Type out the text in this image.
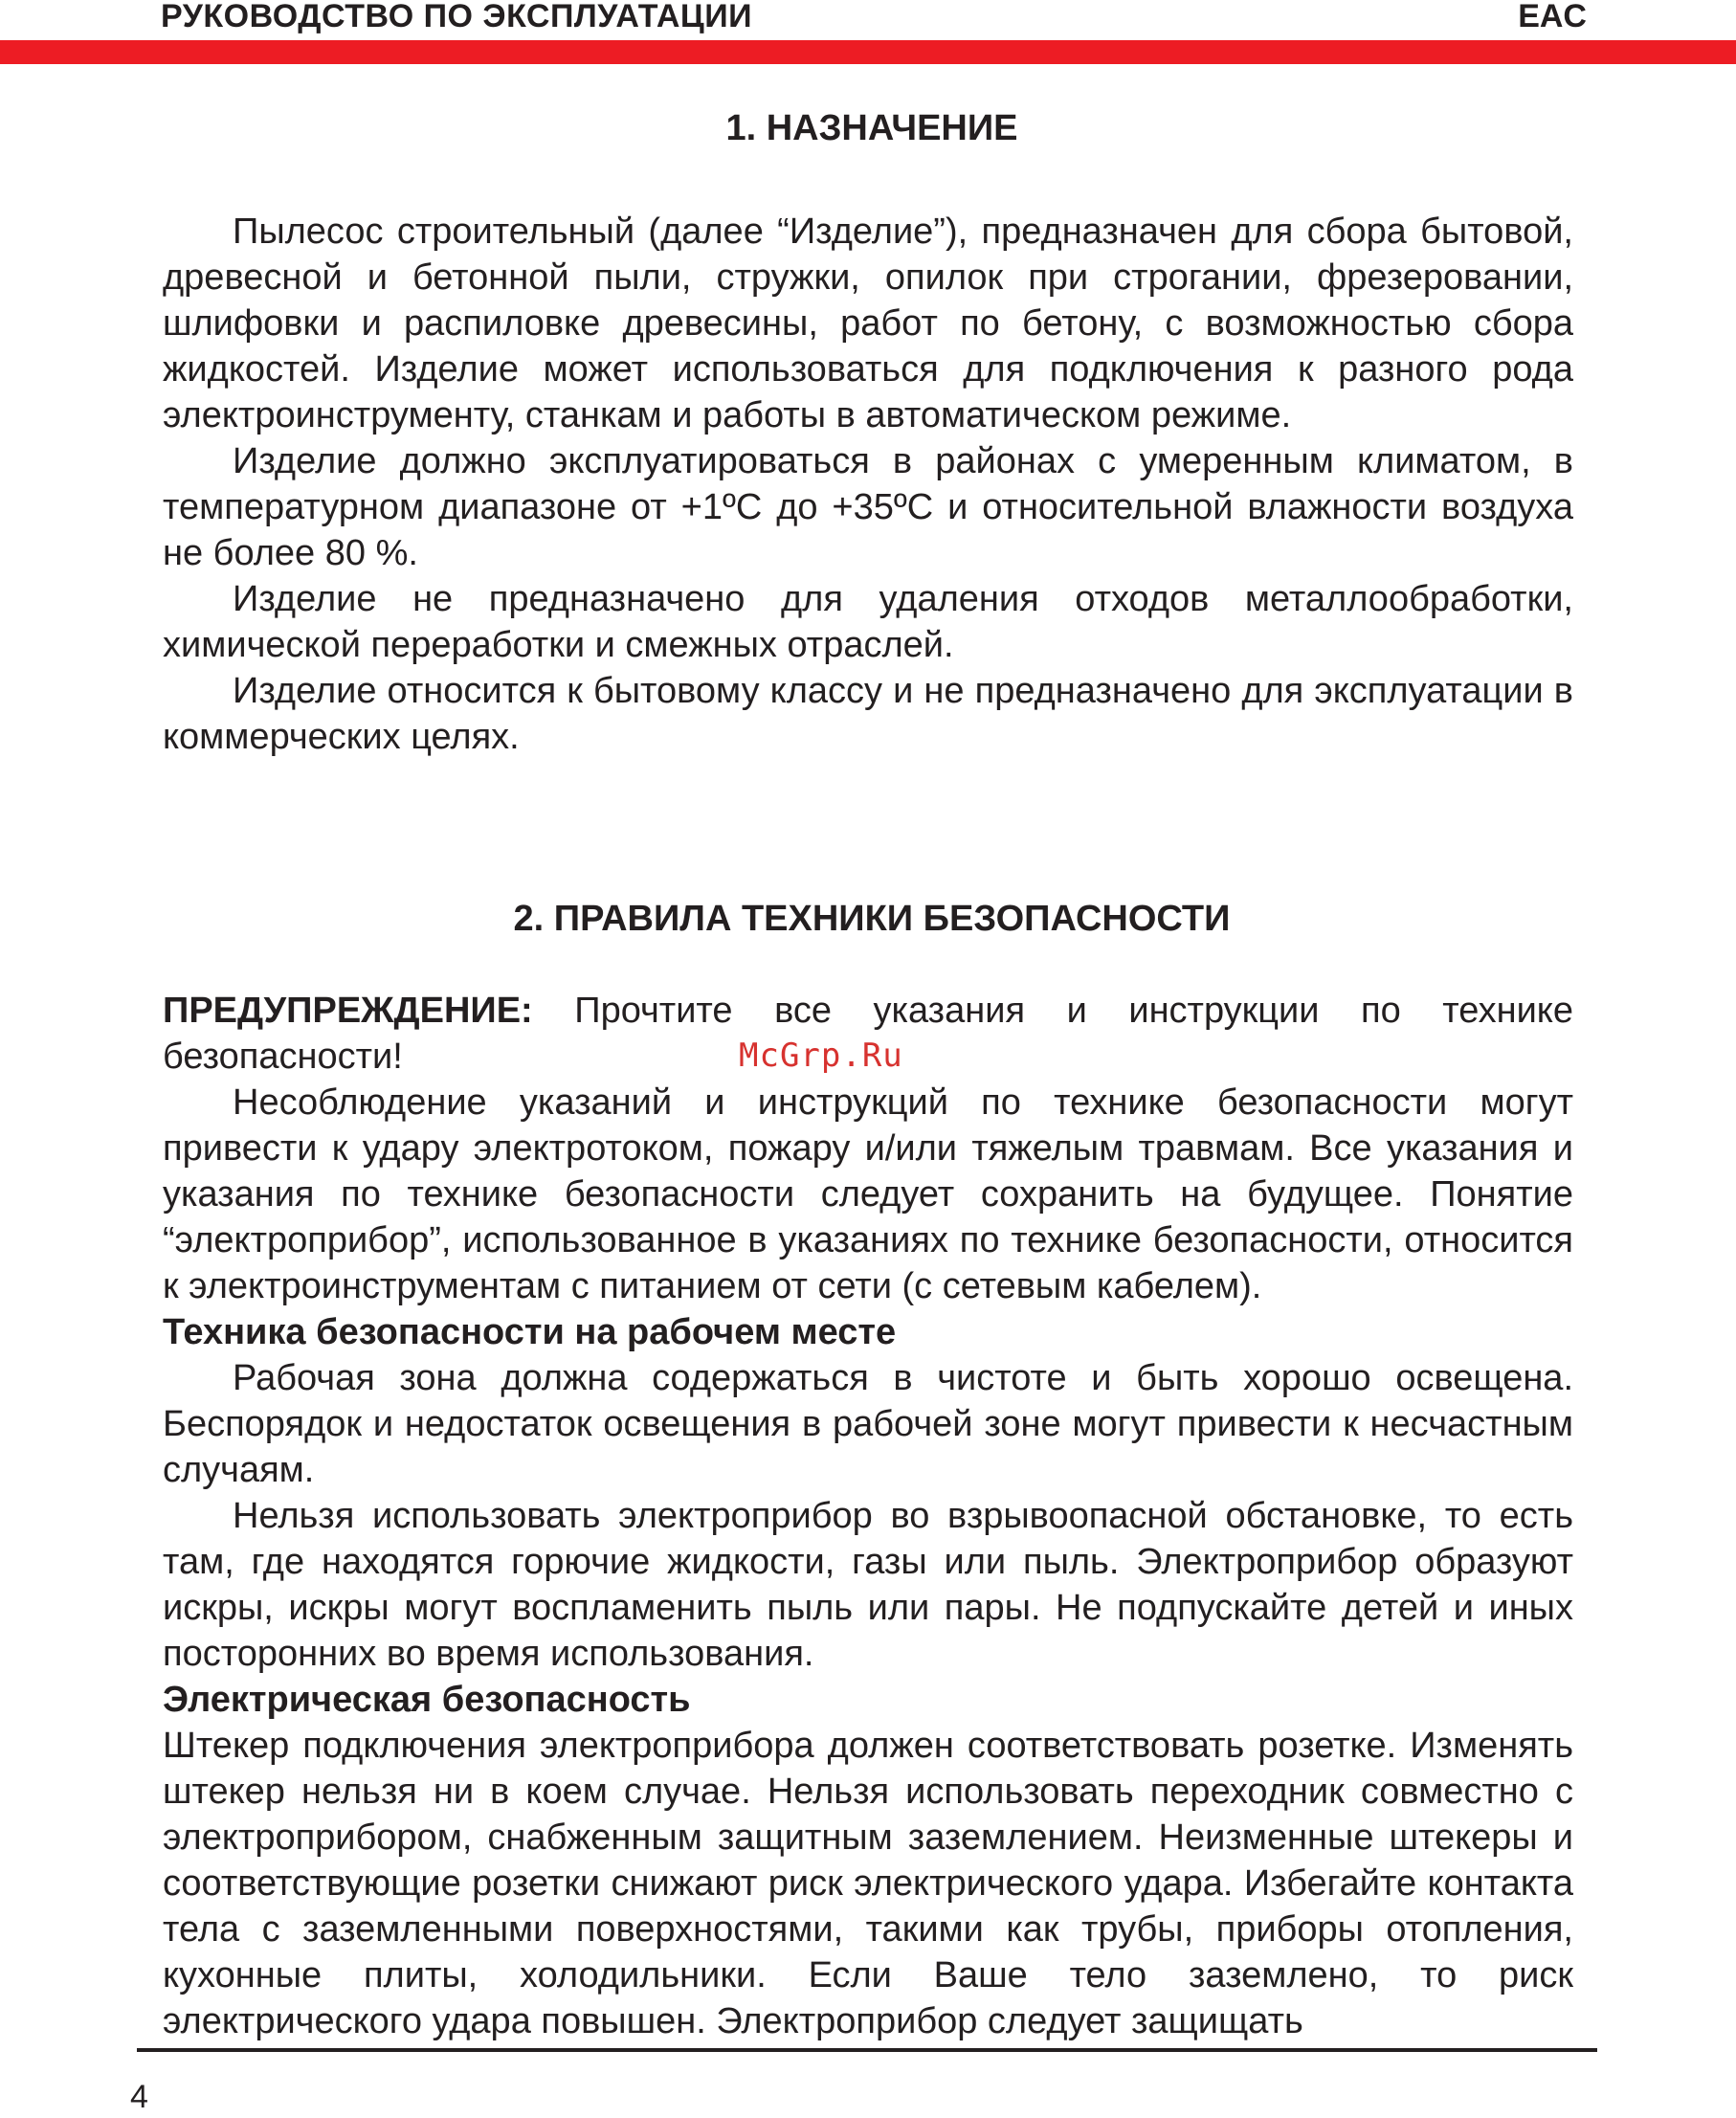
РУКОВОДСТВО ПО ЭКСПЛУАТАЦИИ	EAC
1. НАЗНАЧЕНИЕ

Пылесос строительный (далее “Изделие”), предназначен для сбора бытовой, древесной и бетонной пыли, стружки, опилок при строгании, фрезеровании, шлифовки и распиловке древесины, работ по бетону, с возможностью сбора жидкостей. Изделие может использоваться для подключения к разного рода электроинструменту, станкам и работы в автоматическом режиме.

Изделие должно эксплуатироваться в районах с умеренным климатом, в температурном диапазоне от +1ºС до +35ºС и относительной влажности воздуха не более 80 %.

Изделие не предназначено для удаления отходов металлообработки, химической переработки и смежных отраслей.

Изделие относится к бытовому классу и не предназначено для эксплуатации в коммерческих целях.

2. ПРАВИЛА ТЕХНИКИ БЕЗОПАСНОСТИ

ПРЕДУПРЕЖДЕНИЕ: Прочтите все указания и инструкции по технике безопасности!

Несоблюдение указаний и инструкций по технике безопасности могут привести к удару электротоком, пожару и/или тяжелым травмам. Все указания и указания по технике безопасности следует сохранить на будущее. Понятие “электроприбор”, использованное в указаниях по технике безопасности, относится к электроинструментам с питанием от сети (с сетевым кабелем).

Техника безопасности на рабочем месте

Рабочая зона должна содержаться в чистоте и быть хорошо освещена. Беспорядок и недостаток освещения в рабочей зоне могут привести к несчастным случаям.

Нельзя использовать электроприбор во взрывоопасной обстановке, то есть там, где находятся горючие жидкости, газы или пыль. Электроприбор образуют искры, искры могут воспламенить пыль или пары. Не подпускайте детей и иных посторонних во время использования.

Электрическая безопасность

Штекер подключения электроприбора должен соответствовать розетке. Изменять штекер нельзя ни в коем случае. Нельзя использовать переходник совместно с электроприбором, снабженным защитным заземлением. Неизменные штекеры и соответствующие розетки снижают риск электрического удара. Избегайте контакта тела с заземленными поверхностями, такими как трубы, приборы отопления, кухонные плиты, холодильники. Если Ваше тело заземлено, то риск электрического удара повышен. Электроприбор следует защищать

McGrp.Ru
4
